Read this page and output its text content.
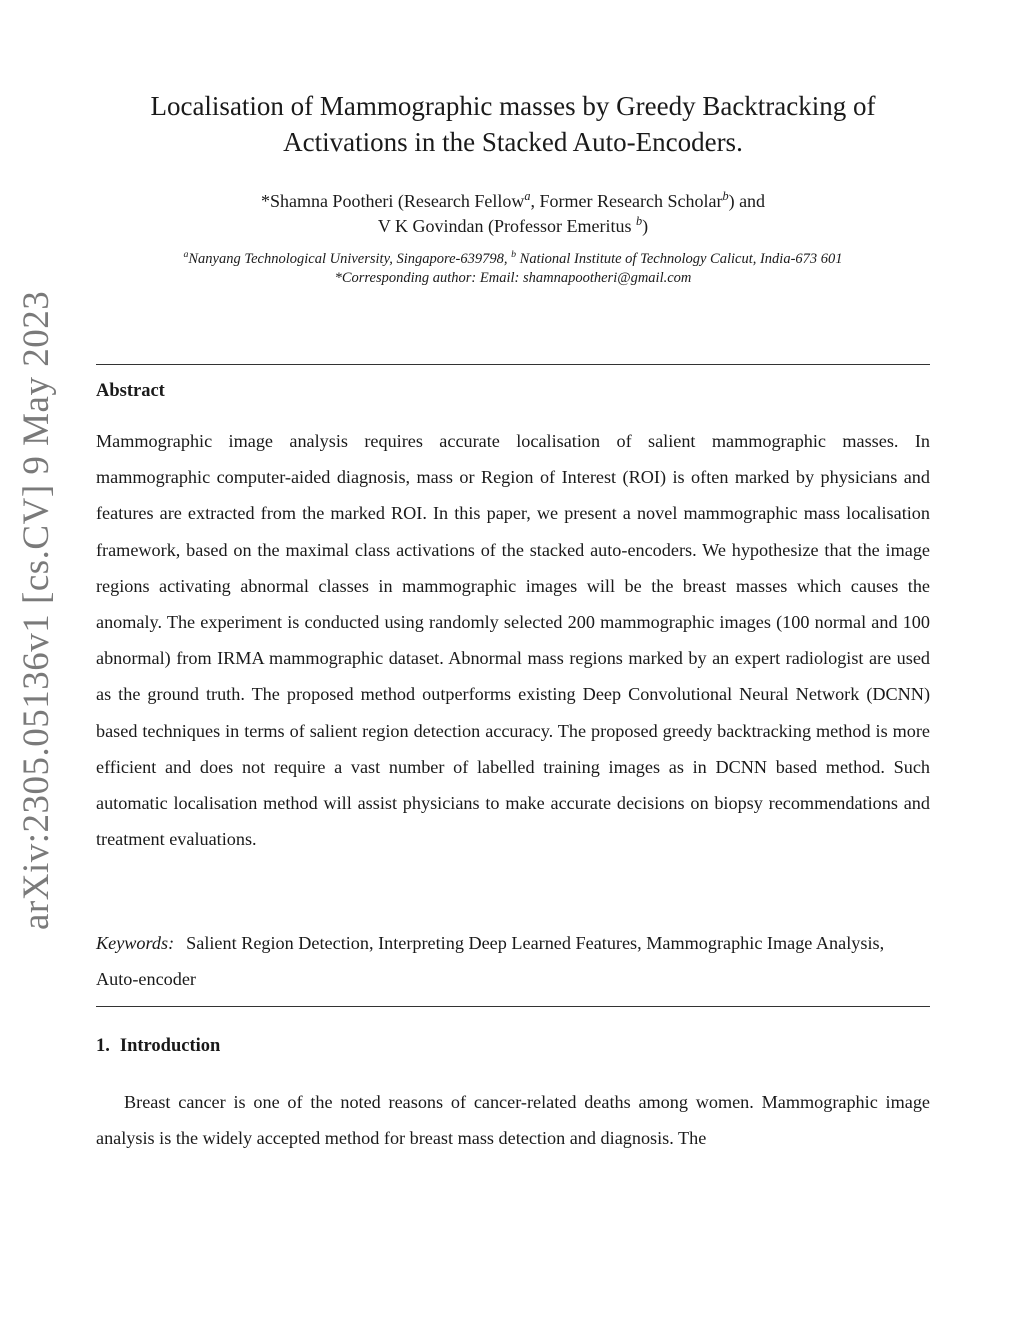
arXiv:2305.05136v1 [cs.CV] 9 May 2023
Localisation of Mammographic masses by Greedy Backtracking of
Activations in the Stacked Auto-Encoders.
*Shamna Pootheri (Research Fellow$^a$, Former Research Scholar$^b$) and
V K Govindan (Professor Emeritus $^b$)
$^a$Nanyang Technological University, Singapore-639798, $^b$ National Institute of Technology Calicut, India-673 601
*Corresponding author: Email: shamnapootheri@gmail.com
Abstract

Mammographic image analysis requires accurate localisation of salient mammographic masses. In mammographic computer-aided diagnosis, mass or Region of Interest (ROI) is often marked by physicians and features are extracted from the marked ROI. In this paper, we present a novel mammographic mass localisation framework, based on the maximal class activations of the stacked auto-encoders. We hypothesize that the image regions activating abnormal classes in mammographic images will be the breast masses which causes the anomaly. The experiment is conducted using randomly selected 200 mammographic images (100 normal and 100 abnormal) from IRMA mammographic dataset. Abnormal mass regions marked by an expert radiologist are used as the ground truth. The proposed method outperforms existing Deep Convolutional Neural Network (DCNN) based techniques in terms of salient region detection accuracy. The proposed greedy backtracking method is more efficient and does not require a vast number of labelled training images as in DCNN based method. Such automatic localisation method will assist physicians to make accurate decisions on biopsy recommendations and treatment evaluations.

Keywords: Salient Region Detection, Interpreting Deep Learned Features, Mammographic Image Analysis, Auto-encoder

1. Introduction

Breast cancer is one of the noted reasons of cancer-related deaths among women. Mammographic image analysis is the widely accepted method for breast mass detection and diagnosis. The
